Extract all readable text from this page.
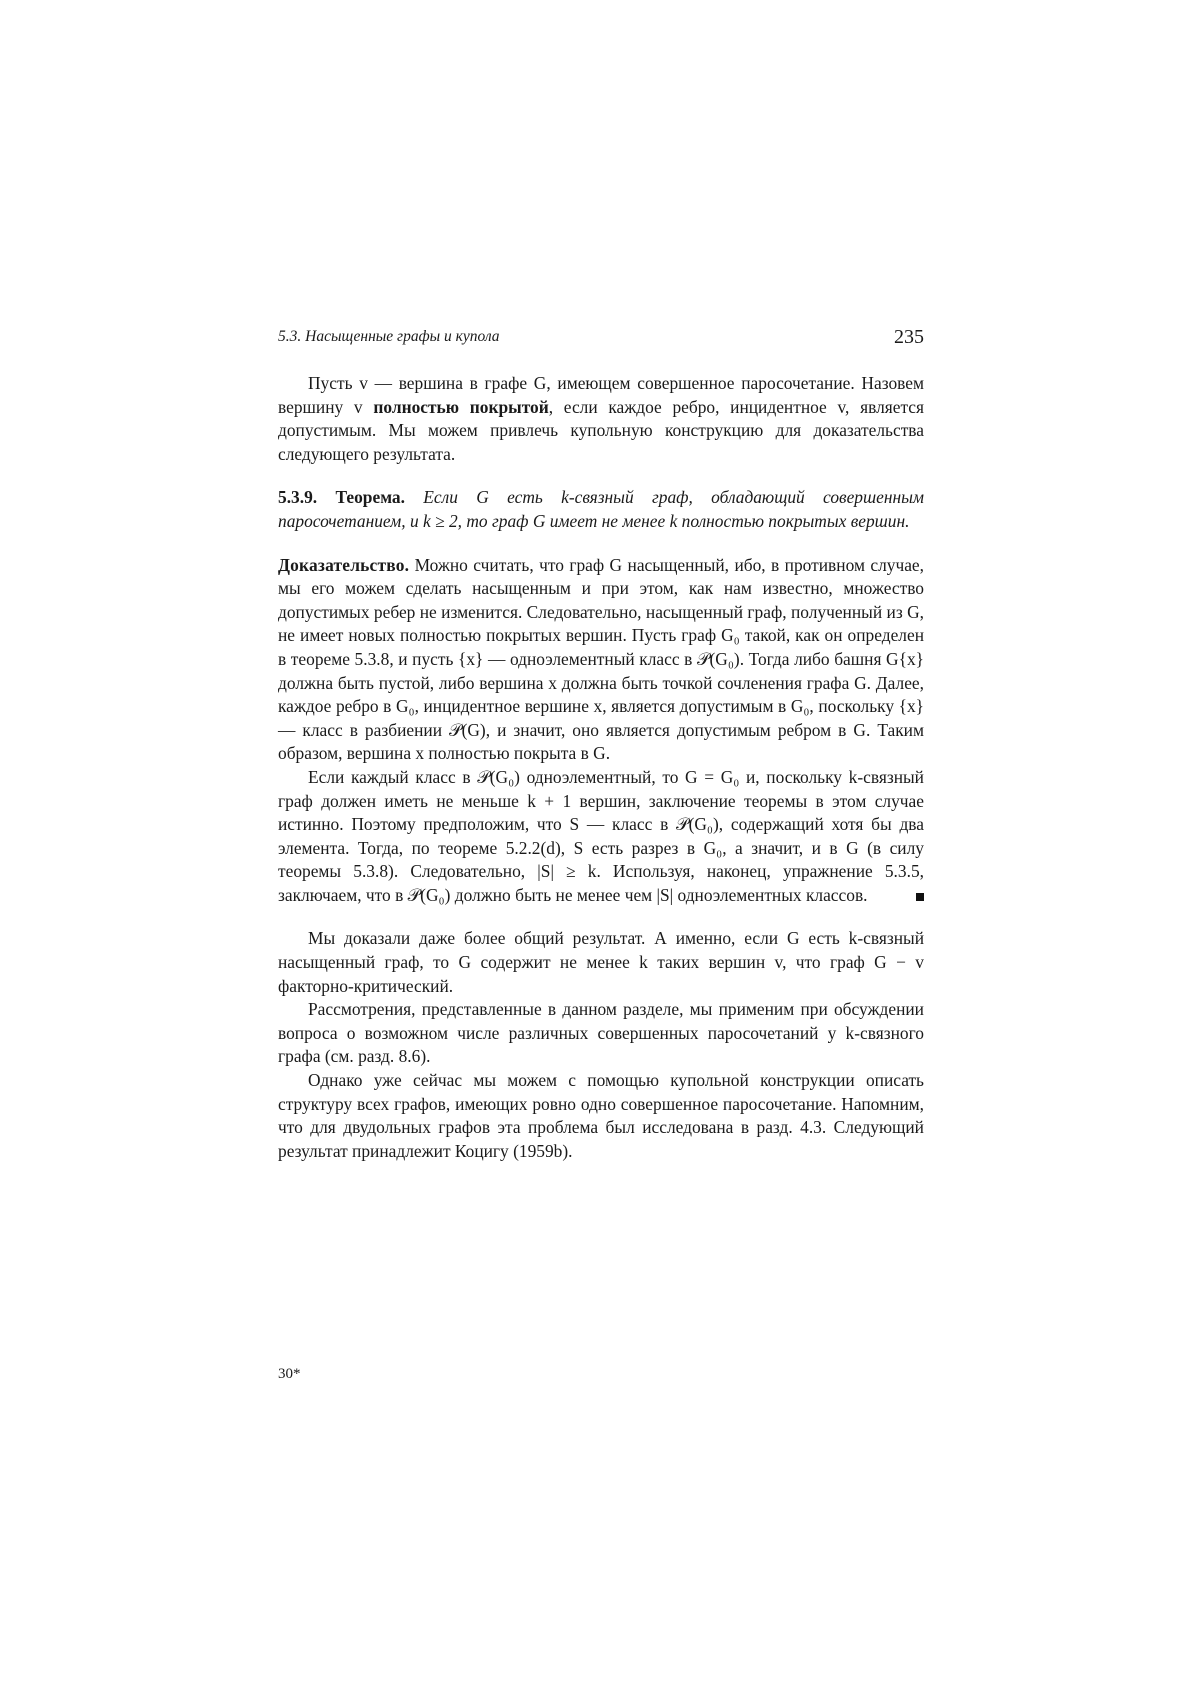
5.3. Насыщенные графы и купола	235

Пусть v — вершина в графе G, имеющем совершенное паросочетание. Назовем вершину v полностью покрытой, если каждое ребро, инцидентное v, является допустимым. Мы можем привлечь купольную конструкцию для доказательства следующего результата.

5.3.9. Теорема. Если G есть k-связный граф, обладающий совершенным паросочетанием, и k ≥ 2, то граф G имеет не менее k полностью покрытых вершин.

Доказательство. Можно считать, что граф G насыщенный, ибо, в противном случае, мы его можем сделать насыщенным и при этом, как нам известно, множество допустимых ребер не изменится. Следовательно, насыщенный граф, полученный из G, не имеет новых полностью покрытых вершин. Пусть граф G₀ такой, как он определен в теореме 5.3.8, и пусть {x} — одноэлементный класс в 𝒫(G₀). Тогда либо башня G{x} должна быть пустой, либо вершина x должна быть точкой сочленения графа G. Далее, каждое ребро в G₀, инцидентное вершине x, является допустимым в G₀, поскольку {x} — класс в разбиении 𝒫(G), и значит, оно является допустимым ребром в G. Таким образом, вершина x полностью покрыта в G.

Если каждый класс в 𝒫(G₀) одноэлементный, то G = G₀ и, поскольку k-связный граф должен иметь не меньше k + 1 вершин, заключение теоремы в этом случае истинно. Поэтому предположим, что S — класс в 𝒫(G₀), содержащий хотя бы два элемента. Тогда, по теореме 5.2.2(d), S есть разрез в G₀, а значит, и в G (в силу теоремы 5.3.8). Следовательно, |S| ≥ k. Используя, наконец, упражнение 5.3.5, заключаем, что в 𝒫(G₀) должно быть не менее чем |S| одноэлементных классов.

Мы доказали даже более общий результат. А именно, если G есть k-связный насыщенный граф, то G содержит не менее k таких вершин v, что граф G − v факторно-критический.

Рассмотрения, представленные в данном разделе, мы применим при обсуждении вопроса о возможном числе различных совершенных паросочетаний у k-связного графа (см. разд. 8.6).

Однако уже сейчас мы можем с помощью купольной конструкции описать структуру всех графов, имеющих ровно одно совершенное паросочетание. Напомним, что для двудольных графов эта проблема был исследована в разд. 4.3. Следующий результат принадлежит Коцигу (1959b).

30*
